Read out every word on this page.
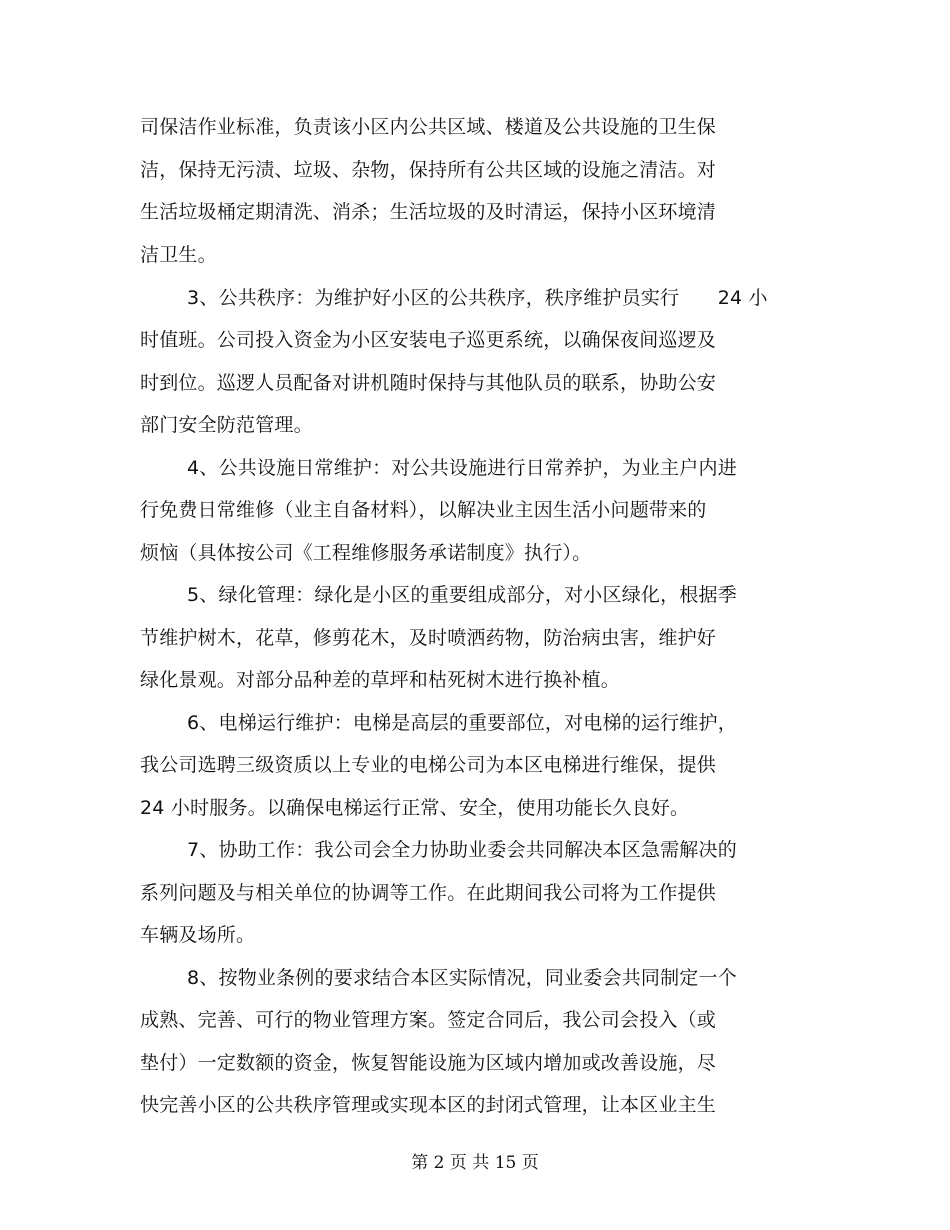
司保洁作业标准，负责该小区内公共区域、楼道及公共设施的卫生保
洁，保持无污渍、垃圾、杂物，保持所有公共区域的设施之清洁。对
生活垃圾桶定期清洗、消杀；生活垃圾的及时清运，保持小区环境清
洁卫生。
3、公共秩序：为维护好小区的公共秩序，秩序维护员实行　　24 小
时值班。公司投入资金为小区安装电子巡更系统，以确保夜间巡逻及
时到位。巡逻人员配备对讲机随时保持与其他队员的联系，协助公安
部门安全防范管理。
4、公共设施日常维护：对公共设施进行日常养护，为业主户内进
行免费日常维修（业主自备材料），以解决业主因生活小问题带来的
烦恼（具体按公司《工程维修服务承诺制度》执行）。
5、绿化管理：绿化是小区的重要组成部分，对小区绿化，根据季
节维护树木，花草，修剪花木，及时喷洒药物，防治病虫害，维护好
绿化景观。对部分品种差的草坪和枯死树木进行换补植。
6、电梯运行维护：电梯是高层的重要部位，对电梯的运行维护，
我公司选聘三级资质以上专业的电梯公司为本区电梯进行维保，提供
24 小时服务。以确保电梯运行正常、安全，使用功能长久良好。
7、协助工作：我公司会全力协助业委会共同解决本区急需解决的
系列问题及与相关单位的协调等工作。在此期间我公司将为工作提供
车辆及场所。
8、按物业条例的要求结合本区实际情况，同业委会共同制定一个
成熟、完善、可行的物业管理方案。签定合同后，我公司会投入（或
垫付）一定数额的资金，恢复智能设施为区域内增加或改善设施，尽
快完善小区的公共秩序管理或实现本区的封闭式管理，让本区业主生
第 2 页 共 15 页
